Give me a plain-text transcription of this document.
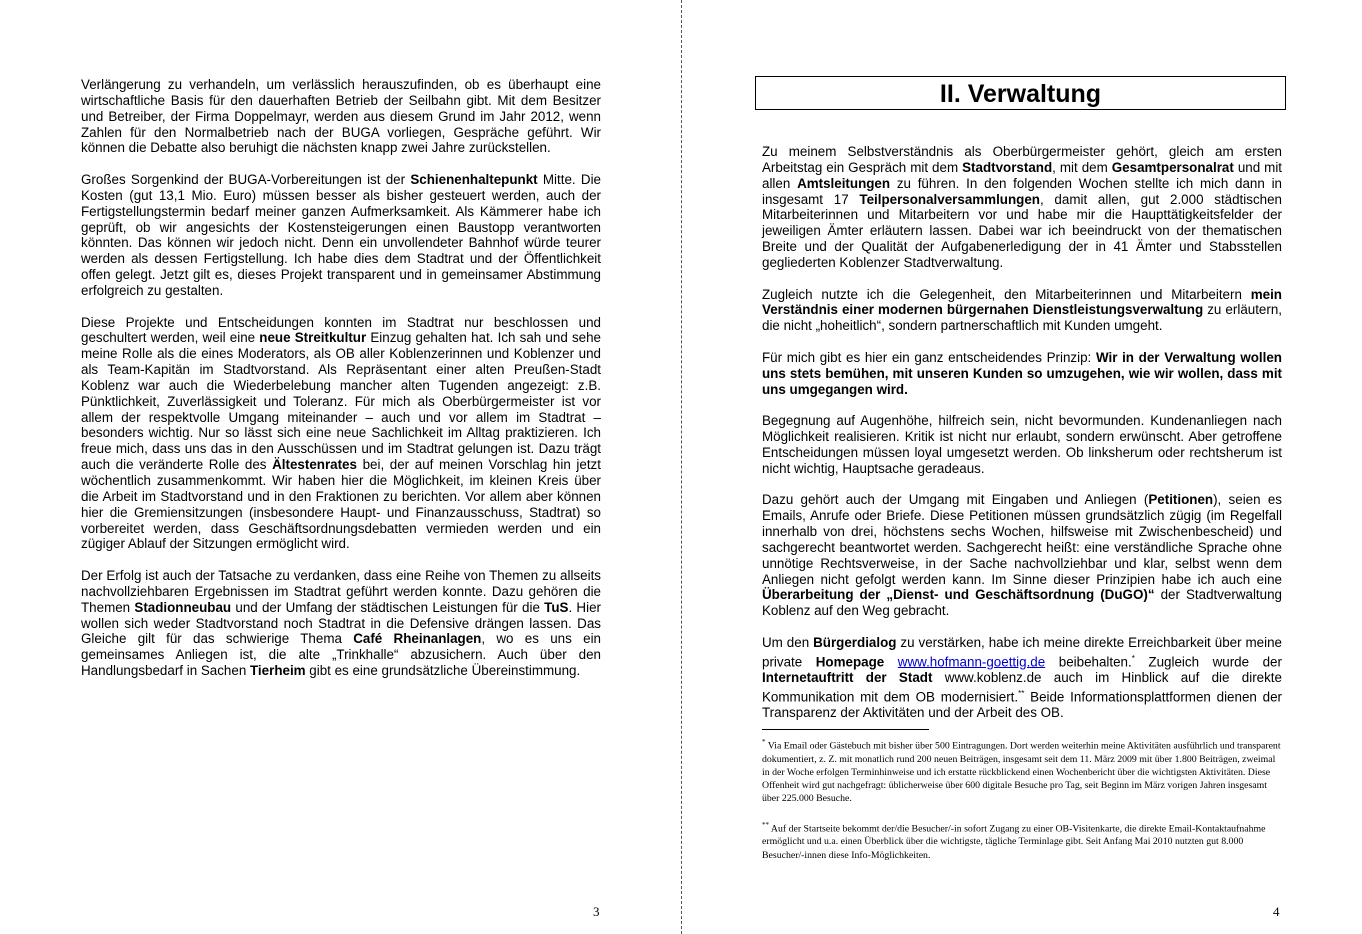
Verlängerung zu verhandeln, um verlässlich herauszufinden, ob es überhaupt eine wirtschaftliche Basis für den dauerhaften Betrieb der Seilbahn gibt. Mit dem Besitzer und Betreiber, der Firma Doppelmayr, werden aus diesem Grund im Jahr 2012, wenn Zahlen für den Normalbetrieb nach der BUGA vorliegen, Gespräche geführt. Wir können die Debatte also beruhigt die nächsten knapp zwei Jahre zurückstellen.

Großes Sorgenkind der BUGA-Vorbereitungen ist der Schienenhaltepunkt Mitte. Die Kosten (gut 13,1 Mio. Euro) müssen besser als bisher gesteuert werden, auch der Fertigstellungstermin bedarf meiner ganzen Aufmerksamkeit. Als Kämmerer habe ich geprüft, ob wir angesichts der Kostensteigerungen einen Baustopp verantworten könnten. Das können wir jedoch nicht. Denn ein unvollendeter Bahnhof würde teurer werden als dessen Fertigstellung. Ich habe dies dem Stadtrat und der Öffentlichkeit offen gelegt. Jetzt gilt es, dieses Projekt transparent und in gemeinsamer Abstimmung erfolgreich zu gestalten.

Diese Projekte und Entscheidungen konnten im Stadtrat nur beschlossen und geschultert werden, weil eine neue Streitkultur Einzug gehalten hat. Ich sah und sehe meine Rolle als die eines Moderators, als OB aller Koblenzerinnen und Koblenzer und als Team-Kapitän im Stadtvorstand. Als Repräsentant einer alten Preußen-Stadt Koblenz war auch die Wiederbelebung mancher alten Tugenden angezeigt: z.B. Pünktlichkeit, Zuverlässigkeit und Toleranz. Für mich als Oberbürgermeister ist vor allem der respektvolle Umgang miteinander – auch und vor allem im Stadtrat – besonders wichtig. Nur so lässt sich eine neue Sachlichkeit im Alltag praktizieren. Ich freue mich, dass uns das in den Ausschüssen und im Stadtrat gelungen ist. Dazu trägt auch die veränderte Rolle des Ältestenrates bei, der auf meinen Vorschlag hin jetzt wöchentlich zusammenkommt. Wir haben hier die Möglichkeit, im kleinen Kreis über die Arbeit im Stadtvorstand und in den Fraktionen zu berichten. Vor allem aber können hier die Gremiensitzungen (insbesondere Haupt- und Finanzausschuss, Stadtrat) so vorbereitet werden, dass Geschäftsordnungsdebatten vermieden werden und ein zügiger Ablauf der Sitzungen ermöglicht wird.

Der Erfolg ist auch der Tatsache zu verdanken, dass eine Reihe von Themen zu allseits nachvollziehbaren Ergebnissen im Stadtrat geführt werden konnte. Dazu gehören die Themen Stadionneubau und der Umfang der städtischen Leistungen für die TuS. Hier wollen sich weder Stadtvorstand noch Stadtrat in die Defensive drängen lassen. Das Gleiche gilt für das schwierige Thema Café Rheinanlagen, wo es uns ein gemeinsames Anliegen ist, die alte „Trinkhalle“ abzusichern. Auch über den Handlungsbedarf in Sachen Tierheim gibt es eine grundsätzliche Übereinstimmung.

3
II. Verwaltung

Zu meinem Selbstverständnis als Oberbürgermeister gehört, gleich am ersten Arbeitstag ein Gespräch mit dem Stadtvorstand, mit dem Gesamtpersonalrat und mit allen Amtsleitungen zu führen. In den folgenden Wochen stellte ich mich dann in insgesamt 17 Teilpersonalversammlungen, damit allen, gut 2.000 städtischen Mitarbeiterinnen und Mitarbeitern vor und habe mir die Haupttätigkeitsfelder der jeweiligen Ämter erläutern lassen. Dabei war ich beeindruckt von der thematischen Breite und der Qualität der Aufgabenerledigung der in 41 Ämter und Stabsstellen gegliederten Koblenzer Stadtverwaltung.

Zugleich nutzte ich die Gelegenheit, den Mitarbeiterinnen und Mitarbeitern mein Verständnis einer modernen bürgernahen Dienstleistungsverwaltung zu erläutern, die nicht „hoheitlich“, sondern partnerschaftlich mit Kunden umgeht.

Für mich gibt es hier ein ganz entscheidendes Prinzip: Wir in der Verwaltung wollen uns stets bemühen, mit unseren Kunden so umzugehen, wie wir wollen, dass mit uns umgegangen wird.

Begegnung auf Augenhöhe, hilfreich sein, nicht bevormunden. Kundenanliegen nach Möglichkeit realisieren. Kritik ist nicht nur erlaubt, sondern erwünscht. Aber getroffene Entscheidungen müssen loyal umgesetzt werden. Ob linksherum oder rechtsherum ist nicht wichtig, Hauptsache geradeaus.

Dazu gehört auch der Umgang mit Eingaben und Anliegen (Petitionen), seien es Emails, Anrufe oder Briefe. Diese Petitionen müssen grundsätzlich zügig (im Regelfall innerhalb von drei, höchstens sechs Wochen, hilfsweise mit Zwischenbescheid) und sachgerecht beantwortet werden. Sachgerecht heißt: eine verständliche Sprache ohne unnötige Rechtsverweise, in der Sache nachvollziehbar und klar, selbst wenn dem Anliegen nicht gefolgt werden kann. Im Sinne dieser Prinzipien habe ich auch eine Überarbeitung der „Dienst- und Geschäftsordnung (DuGO)“ der Stadtverwaltung Koblenz auf den Weg gebracht.

Um den Bürgerdialog zu verstärken, habe ich meine direkte Erreichbarkeit über meine private Homepage www.hofmann-goettig.de beibehalten.* Zugleich wurde der Internetauftritt der Stadt www.koblenz.de auch im Hinblick auf die direkte Kommunikation mit dem OB modernisiert.** Beide Informationsplattformen dienen der Transparenz der Aktivitäten und der Arbeit des OB.

* Via Email oder Gästebuch mit bisher über 500 Eintragungen. Dort werden weiterhin meine Aktivitäten ausführlich und transparent dokumentiert, z. Z. mit monatlich rund 200 neuen Beiträgen, insgesamt seit dem 11. März 2009 mit über 1.800 Beiträgen, zweimal in der Woche erfolgen Terminhinweise und ich erstatte rückblickend einen Wochenbericht über die wichtigsten Aktivitäten. Diese Offenheit wird gut nachgefragt: üblicherweise über 600 digitale Besuche pro Tag, seit Beginn im März vorigen Jahren insgesamt über 225.000 Besuche.

** Auf der Startseite bekommt der/die Besucher/-in sofort Zugang zu einer OB-Visitenkarte, die direkte Email-Kontaktaufnahme ermöglicht und u.a. einen Überblick über die wichtigste, tägliche Terminlage gibt. Seit Anfang Mai 2010 nutzten gut 8.000 Besucher/-innen diese Info-Möglichkeiten.

4
